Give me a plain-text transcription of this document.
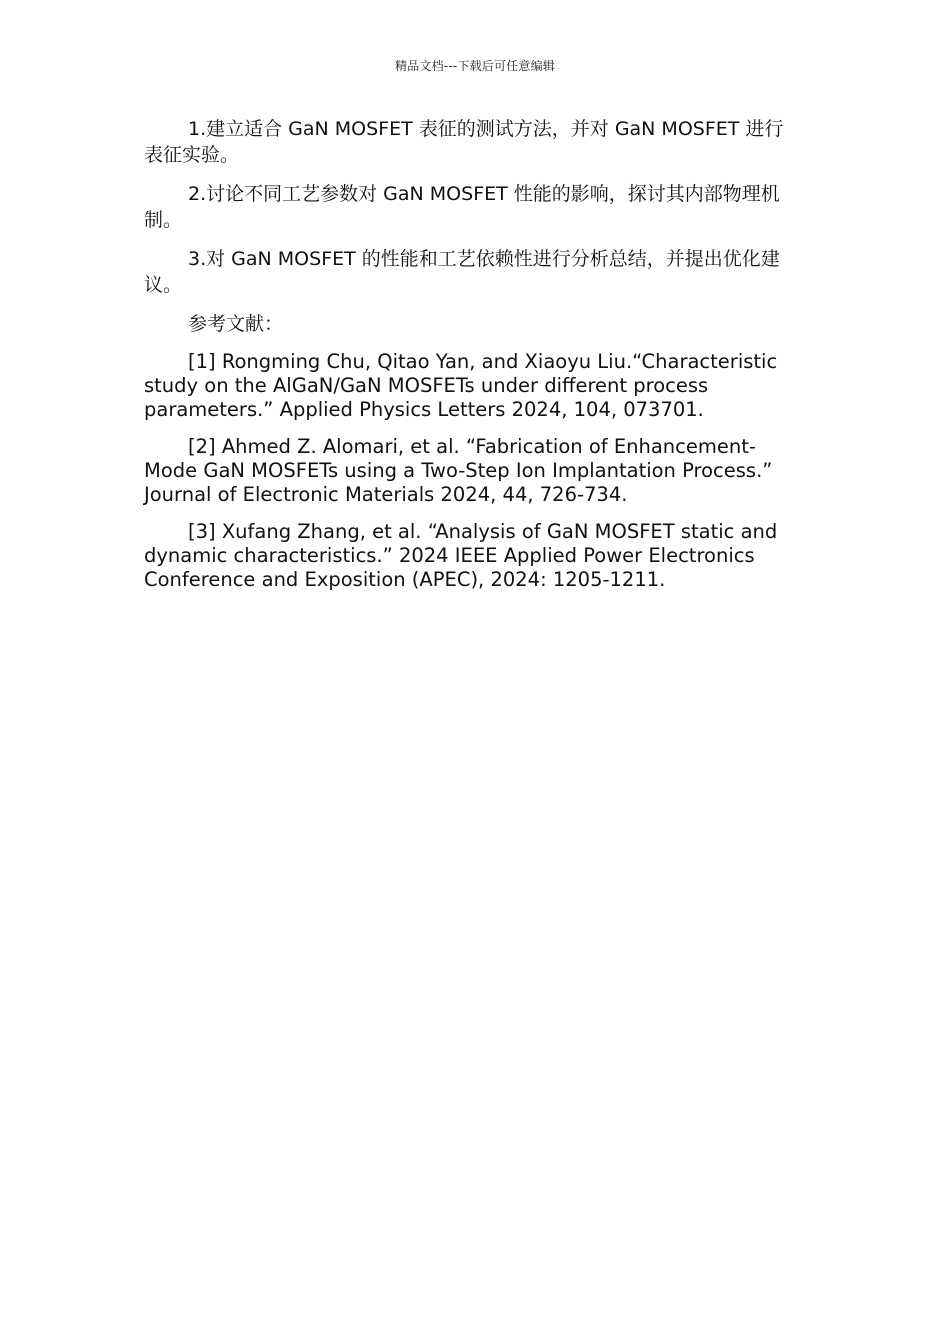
精品文档---下载后可任意编辑

1.建立适合 GaN MOSFET 表征的测试方法，并对 GaN MOSFET 进行表征实验。

2.讨论不同工艺参数对 GaN MOSFET 性能的影响，探讨其内部物理机制。

3.对 GaN MOSFET 的性能和工艺依赖性进行分析总结，并提出优化建议。

参考文献：

[1] Rongming Chu, Qitao Yan, and Xiaoyu Liu.“Characteristic study on the AlGaN/GaN MOSFETs under different process parameters.” Applied Physics Letters 2024, 104, 073701.

[2] Ahmed Z. Alomari, et al. “Fabrication of Enhancement-Mode GaN MOSFETs using a Two-Step Ion Implantation Process.” Journal of Electronic Materials 2024, 44, 726-734.

[3] Xufang Zhang, et al. “Analysis of GaN MOSFET static and dynamic characteristics.” 2024 IEEE Applied Power Electronics Conference and Exposition (APEC), 2024: 1205-1211.
